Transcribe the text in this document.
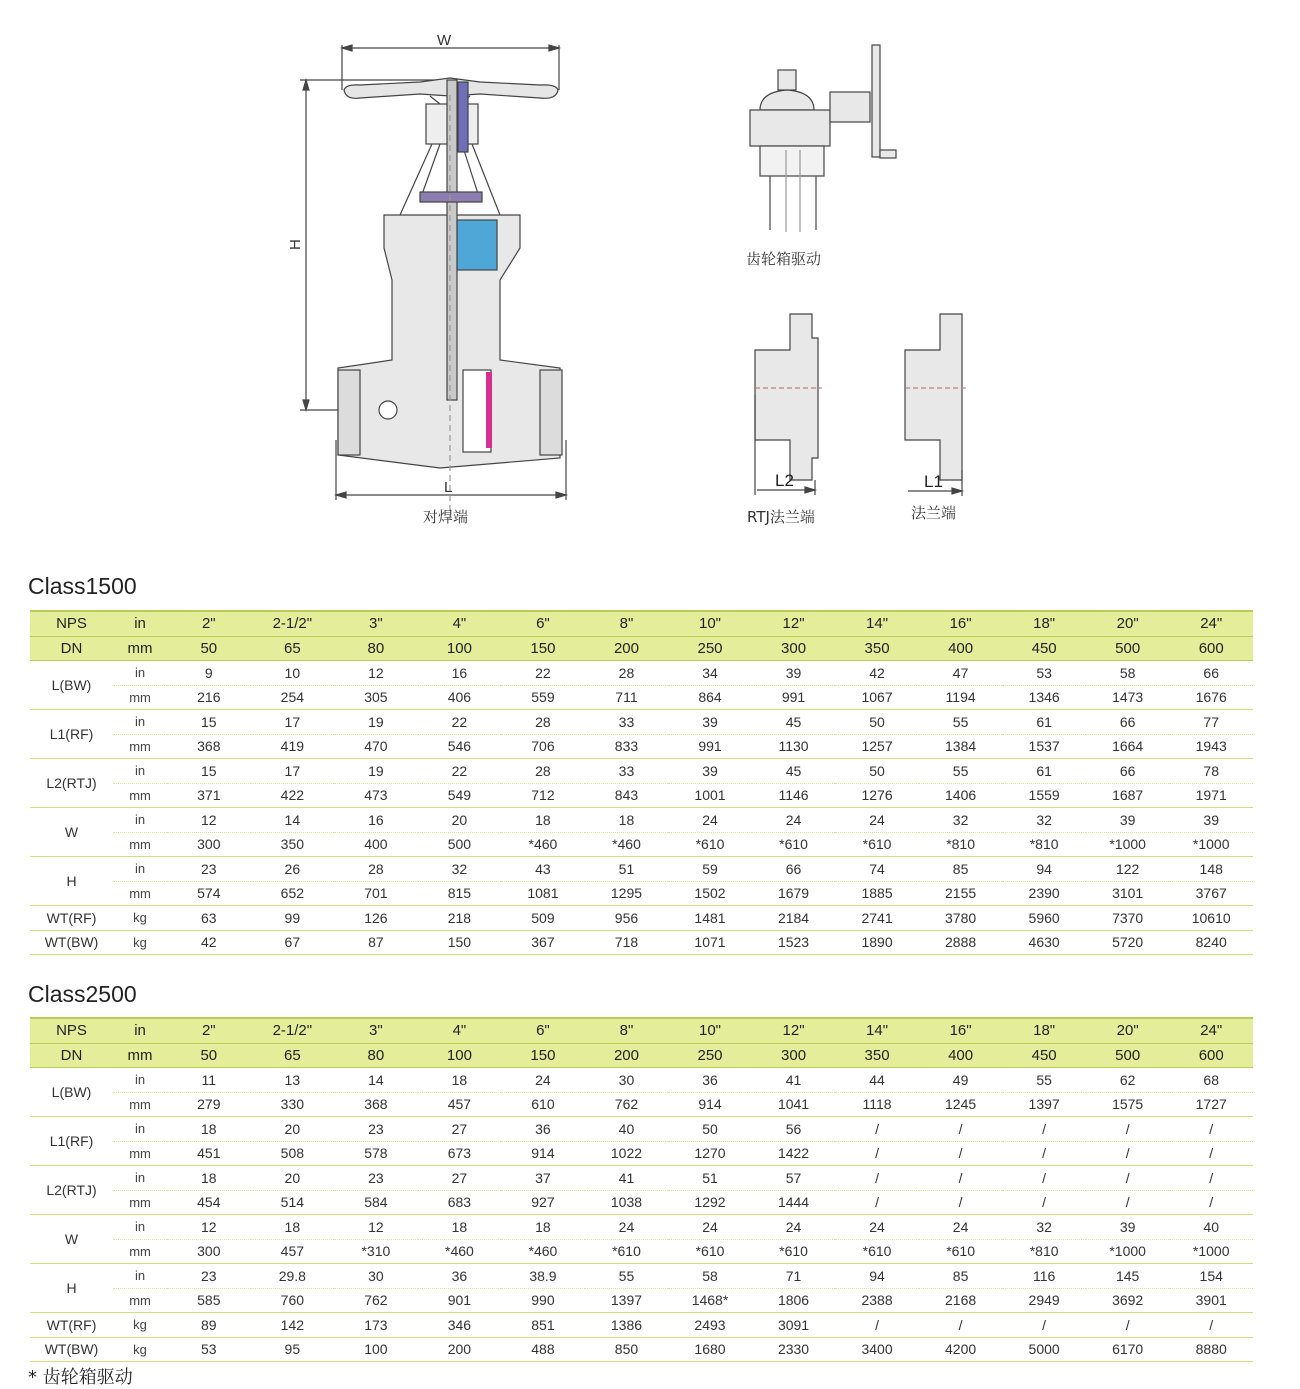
W
H
L	L2	L1
对焊端
齿轮箱驱动
RTJ法兰端	法兰端
Class1500
NPS	in	2"	2-1/2"	3"	4"	6"	8"	10"	12"	14"	16"	18"	20"	24"
DN	mm	50	65	80	100	150	200	250	300	350	400	450	500	600
L(BW)	in	9	10	12	16	22	28	34	39	42	47	53	58	66
	mm	216	254	305	406	559	711	864	991	1067	1194	1346	1473	1676
L1(RF)	in	15	17	19	22	28	33	39	45	50	55	61	66	77
	mm	368	419	470	546	706	833	991	1130	1257	1384	1537	1664	1943
L2(RTJ)	in	15	17	19	22	28	33	39	45	50	55	61	66	78
	mm	371	422	473	549	712	843	1001	1146	1276	1406	1559	1687	1971
W	in	12	14	16	20	18	18	24	24	24	32	32	39	39
	mm	300	350	400	500	*460	*460	*610	*610	*610	*810	*810	*1000	*1000
H	in	23	26	28	32	43	51	59	66	74	85	94	122	148
	mm	574	652	701	815	1081	1295	1502	1679	1885	2155	2390	3101	3767
WT(RF)	kg	63	99	126	218	509	956	1481	2184	2741	3780	5960	7370	10610
WT(BW)	kg	42	67	87	150	367	718	1071	1523	1890	2888	4630	5720	8240
Class2500
NPS	in	2"	2-1/2"	3"	4"	6"	8"	10"	12"	14"	16"	18"	20"	24"
DN	mm	50	65	80	100	150	200	250	300	350	400	450	500	600
L(BW)	in	11	13	14	18	24	30	36	41	44	49	55	62	68
	mm	279	330	368	457	610	762	914	1041	1118	1245	1397	1575	1727
L1(RF)	in	18	20	23	27	36	40	50	56	/	/	/	/	/
	mm	451	508	578	673	914	1022	1270	1422	/	/	/	/	/
L2(RTJ)	in	18	20	23	27	37	41	51	57	/	/	/	/	/
	mm	454	514	584	683	927	1038	1292	1444	/	/	/	/	/
W	in	12	18	12	18	18	24	24	24	24	24	32	39	40
	mm	300	457	*310	*460	*460	*610	*610	*610	*610	*610	*810	*1000	*1000
H	in	23	29.8	30	36	38.9	55	58	71	94	85	116	145	154
	mm	585	760	762	901	990	1397	1468*	1806	2388	2168	2949	3692	3901
WT(RF)	kg	89	142	173	346	851	1386	2493	3091	/	/	/	/	/
WT(BW)	kg	53	95	100	200	488	850	1680	2330	3400	4200	5000	6170	8880
* 齿轮箱驱动
